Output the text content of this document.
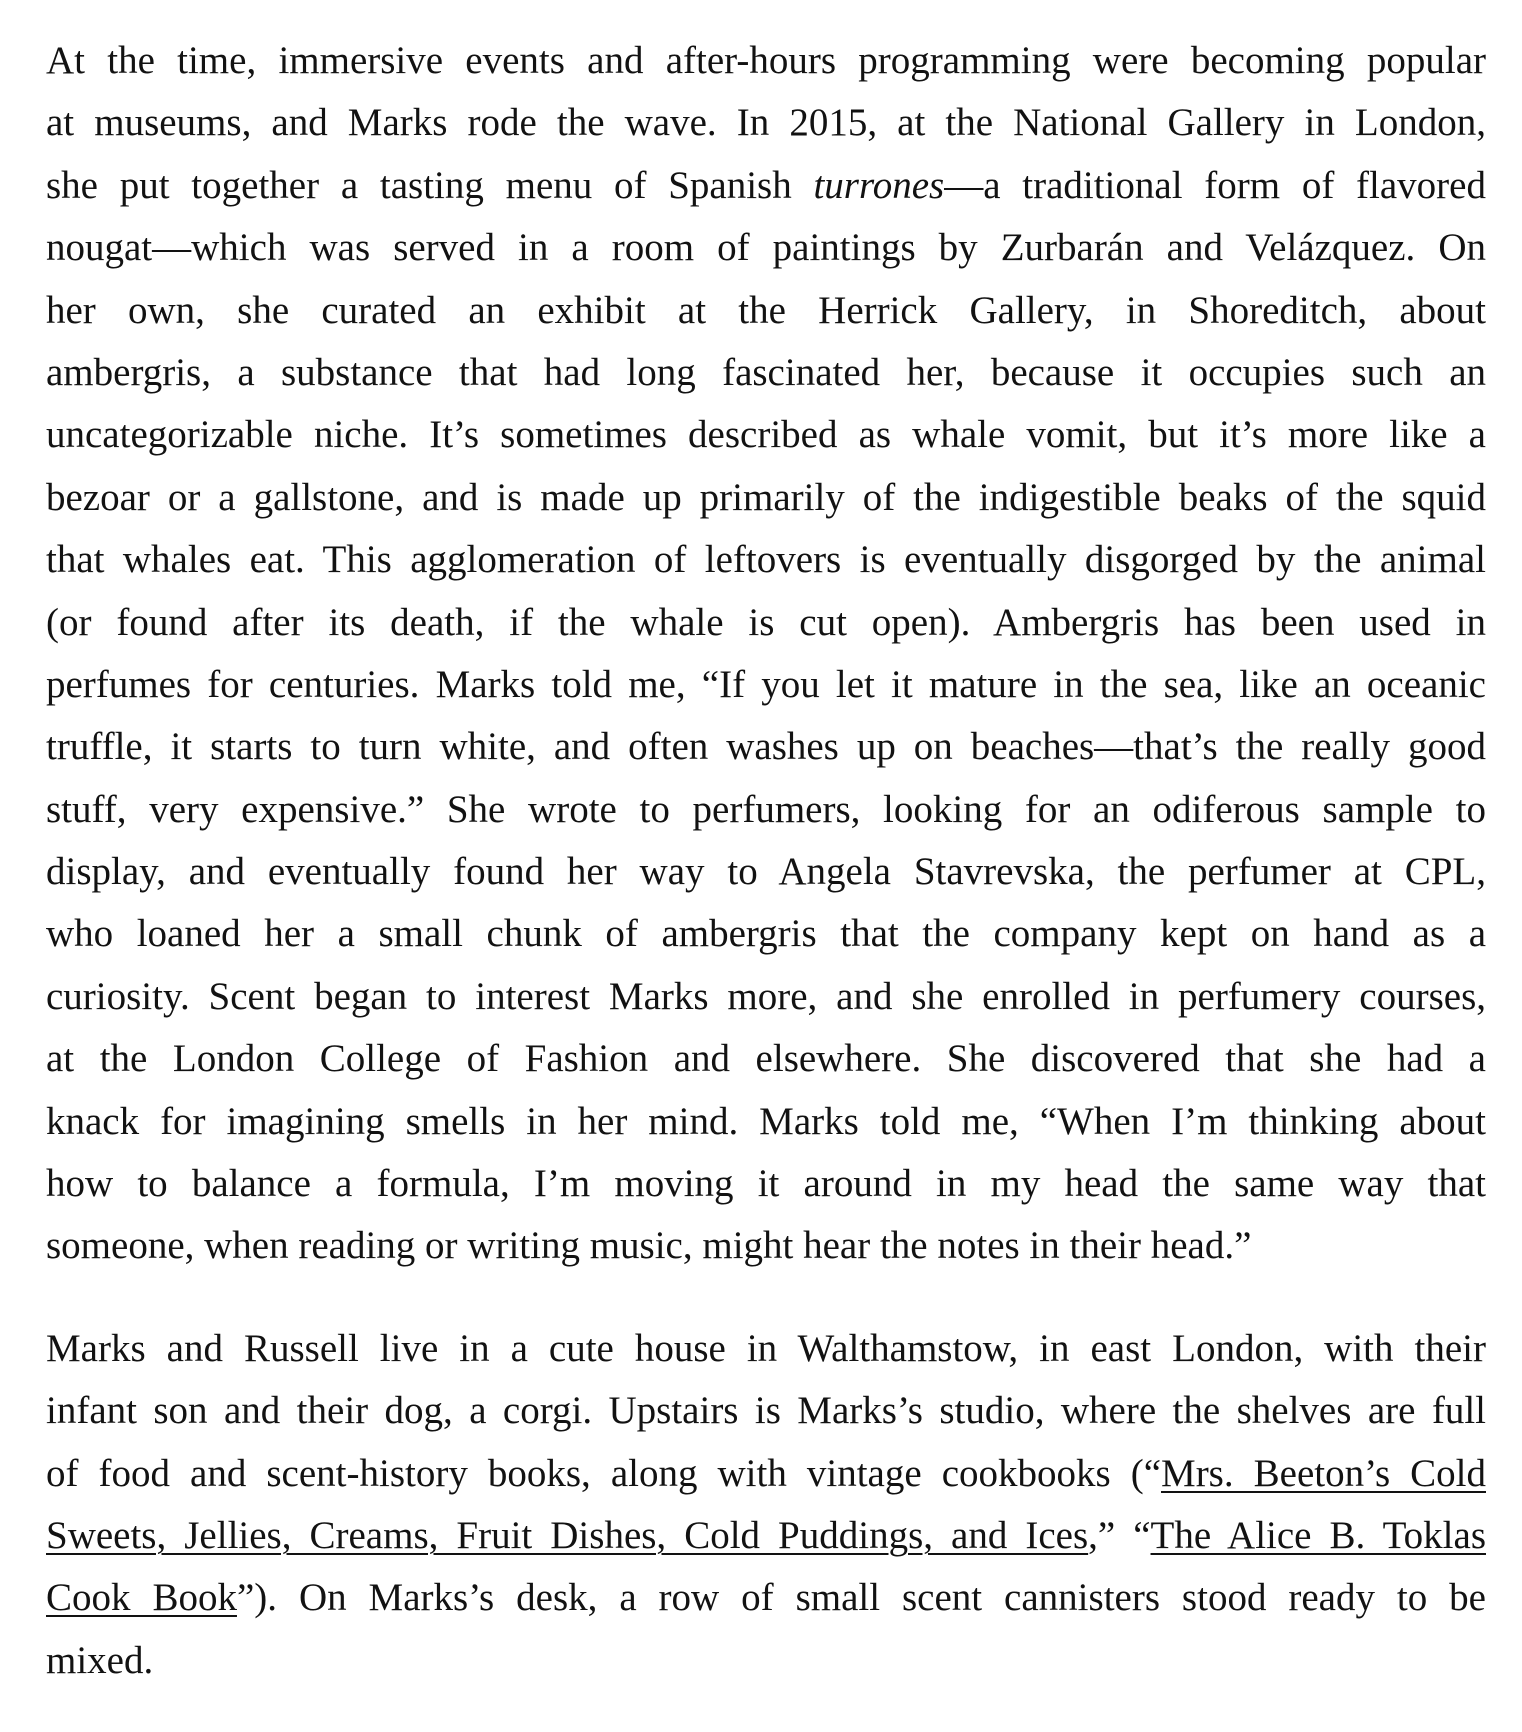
At the time, immersive events and after-hours programming were becoming popular
at museums, and Marks rode the wave. In 2015, at the National Gallery in London,
she put together a tasting menu of Spanish turrones—a traditional form of flavored
nougat—which was served in a room of paintings by Zurbarán and Velázquez. On
her own, she curated an exhibit at the Herrick Gallery, in Shoreditch, about
ambergris, a substance that had long fascinated her, because it occupies such an
uncategorizable niche. It’s sometimes described as whale vomit, but it’s more like a
bezoar or a gallstone, and is made up primarily of the indigestible beaks of the squid
that whales eat. This agglomeration of leftovers is eventually disgorged by the animal
(or found after its death, if the whale is cut open). Ambergris has been used in
perfumes for centuries. Marks told me, “If you let it mature in the sea, like an oceanic
truffle, it starts to turn white, and often washes up on beaches—that’s the really good
stuff, very expensive.” She wrote to perfumers, looking for an odiferous sample to
display, and eventually found her way to Angela Stavrevska, the perfumer at CPL,
who loaned her a small chunk of ambergris that the company kept on hand as a
curiosity. Scent began to interest Marks more, and she enrolled in perfumery courses,
at the London College of Fashion and elsewhere. She discovered that she had a
knack for imagining smells in her mind. Marks told me, “When I’m thinking about
how to balance a formula, I’m moving it around in my head the same way that
someone, when reading or writing music, might hear the notes in their head.”

Marks and Russell live in a cute house in Walthamstow, in east London, with their
infant son and their dog, a corgi. Upstairs is Marks’s studio, where the shelves are full
of food and scent-history books, along with vintage cookbooks (“Mrs. Beeton’s Cold
Sweets, Jellies, Creams, Fruit Dishes, Cold Puddings, and Ices,” “The Alice B. Toklas
Cook Book”). On Marks’s desk, a row of small scent cannisters stood ready to be
mixed.
